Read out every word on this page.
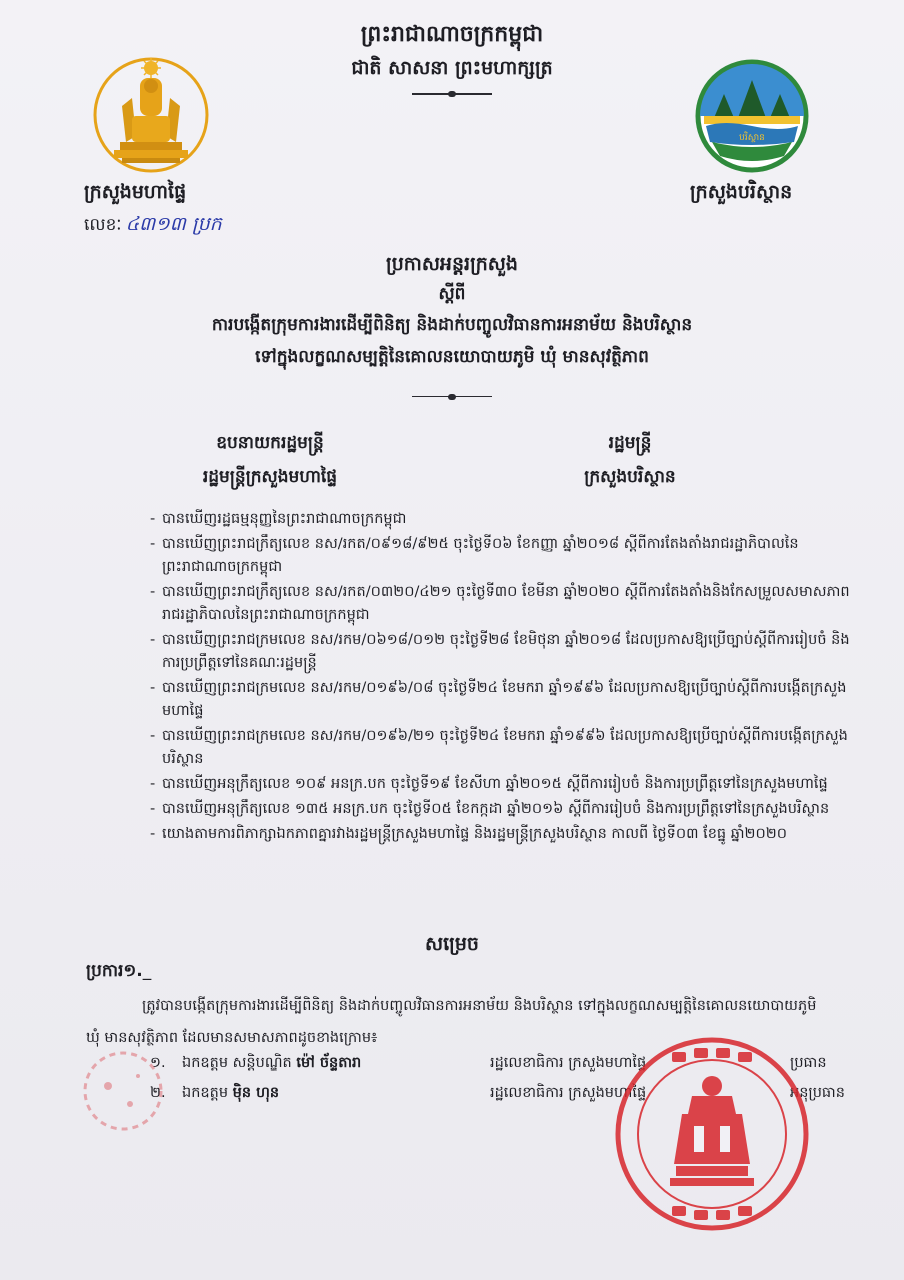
ព្រះរាជាណាចក្រកម្ពុជា
ជាតិ សាសនា ព្រះមហាក្សត្រ
បរិស្ថាន
ក្រសួងមហាផ្ទៃ	ក្រសួងបរិស្ថាន
លេខៈ ៤៣១៣ ប្រក
ប្រកាសអន្តរក្រសួង
ស្តីពី
ការបង្កើតក្រុមការងារដើម្បីពិនិត្យ និងដាក់បញ្ចូលវិធានការអនាម័យ និងបរិស្ថាន
ទៅក្នុងលក្ខណសម្បត្តិនៃគោលនយោបាយភូមិ ឃុំ មានសុវត្ថិភាព
ឧបនាយករដ្ឋមន្ត្រី
រដ្ឋមន្ត្រីក្រសួងមហាផ្ទៃ
រដ្ឋមន្ត្រី
ក្រសួងបរិស្ថាន
- បានឃើញរដ្ឋធម្មនុញ្ញនៃព្រះរាជាណាចក្រកម្ពុជា
- បានឃើញព្រះរាជក្រឹត្យលេខ នស/រកត/០៩១៨/៩២៥ ចុះថ្ងៃទី០៦ ខែកញ្ញា ឆ្នាំ២០១៨ ស្តីពីការតែងតាំងរាជរដ្ឋាភិបាលនៃព្រះរាជាណាចក្រកម្ពុជា
- បានឃើញព្រះរាជក្រឹត្យលេខ នស/រកត/០៣២០/៤២១ ចុះថ្ងៃទី៣០ ខែមីនា ឆ្នាំ២០២០ ស្តីពីការតែងតាំងនិងកែសម្រួលសមាសភាពរាជរដ្ឋាភិបាលនៃព្រះរាជាណាចក្រកម្ពុជា
- បានឃើញព្រះរាជក្រមលេខ នស/រកម/០៦១៨/០១២ ចុះថ្ងៃទី២៨ ខែមិថុនា ឆ្នាំ២០១៨ ដែលប្រកាសឱ្យប្រើច្បាប់ស្តីពីការរៀបចំ និងការប្រព្រឹត្តទៅនៃគណៈរដ្ឋមន្ត្រី
- បានឃើញព្រះរាជក្រមលេខ នស/រកម/០១៩៦/០៨ ចុះថ្ងៃទី២៤ ខែមករា ឆ្នាំ១៩៩៦ ដែលប្រកាសឱ្យប្រើច្បាប់ស្តីពីការបង្កើតក្រសួងមហាផ្ទៃ
- បានឃើញព្រះរាជក្រមលេខ នស/រកម/០១៩៦/២១ ចុះថ្ងៃទី២៤ ខែមករា ឆ្នាំ១៩៩៦ ដែលប្រកាសឱ្យប្រើច្បាប់ស្តីពីការបង្កើតក្រសួងបរិស្ថាន
- បានឃើញអនុក្រឹត្យលេខ ១០៩ អនក្រ.បក ចុះថ្ងៃទី១៩ ខែសីហា ឆ្នាំ២០១៥ ស្តីពីការរៀបចំ និងការប្រព្រឹត្តទៅនៃក្រសួងមហាផ្ទៃ
- បានឃើញអនុក្រឹត្យលេខ ១៣៥ អនក្រ.បក ចុះថ្ងៃទី០៥ ខែកក្កដា ឆ្នាំ២០១៦ ស្តីពីការរៀបចំ និងការប្រព្រឹត្តទៅនៃក្រសួងបរិស្ថាន
- យោងតាមការពិភាក្សាឯកភាពគ្នារវាងរដ្ឋមន្ត្រីក្រសួងមហាផ្ទៃ និងរដ្ឋមន្ត្រីក្រសួងបរិស្ថាន កាលពី ថ្ងៃទី០៣ ខែធ្នូ ឆ្នាំ២០២០
សម្រេច
ប្រការ១._
ត្រូវបានបង្កើតក្រុមការងារដើម្បីពិនិត្យ និងដាក់បញ្ចូលវិធានការអនាម័យ និងបរិស្ថាន ទៅក្នុងលក្ខណសម្បត្តិនៃគោលនយោបាយភូមិ ឃុំ មានសុវត្ថិភាព ដែលមានសមាសភាពដូចខាងក្រោម៖
១. ឯកឧត្តម សន្តិបណ្ឌិត ម៉ៅ ច័ន្ទតារា	រដ្ឋលេខាធិការ ក្រសួងមហាផ្ទៃ	ប្រធាន
២. ឯកឧត្តម ម៉ិន ហុន	រដ្ឋលេខាធិការ ក្រសួងមហាផ្ទៃ	អនុប្រធាន
